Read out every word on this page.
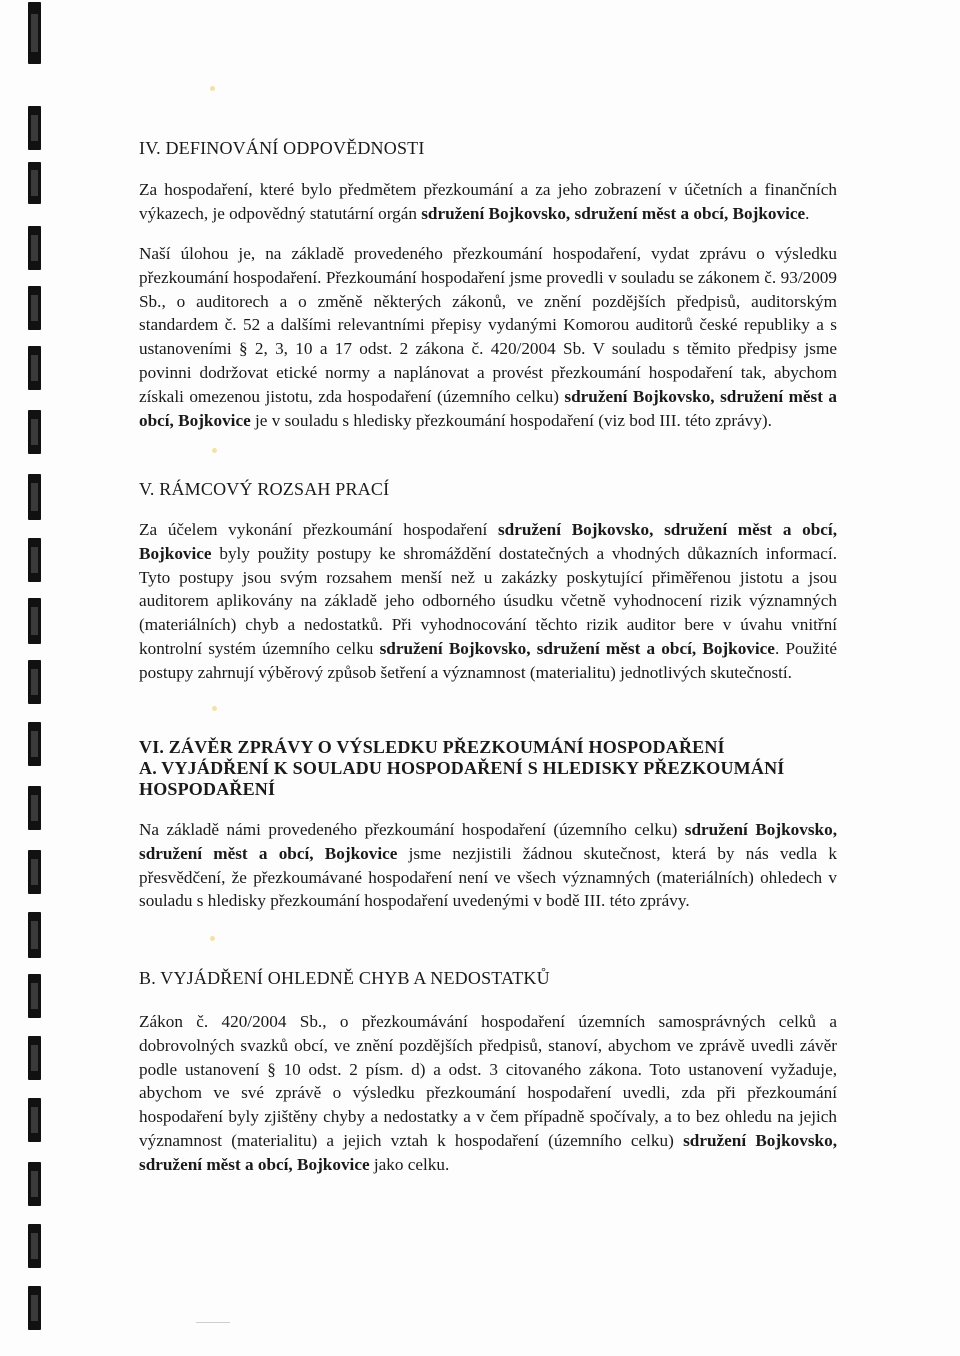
IV. DEFINOVÁNÍ ODPOVĚDNOSTI

Za hospodaření, které bylo předmětem přezkoumání a za jeho zobrazení v účetních a finančních výkazech, je odpovědný statutární orgán sdružení Bojkovsko, sdružení měst a obcí, Bojkovice.

Naší úlohou je, na základě provedeného přezkoumání hospodaření, vydat zprávu o výsledku přezkoumání hospodaření. Přezkoumání hospodaření jsme provedli v souladu se zákonem č. 93/2009 Sb., o auditorech a o změně některých zákonů, ve znění pozdějších předpisů, auditorským standardem č. 52 a dalšími relevantními přepisy vydanými Komorou auditorů české republiky a s ustanoveními § 2, 3, 10 a 17 odst. 2 zákona č. 420/2004 Sb. V souladu s těmito předpisy jsme povinni dodržovat etické normy a naplánovat a provést přezkoumání hospodaření tak, abychom získali omezenou jistotu, zda hospodaření (územního celku) sdružení Bojkovsko, sdružení měst a obcí, Bojkovice je v souladu s hledisky přezkoumání hospodaření (viz bod III. této zprávy).

V. RÁMCOVÝ ROZSAH PRACÍ

Za účelem vykonání přezkoumání hospodaření sdružení Bojkovsko, sdružení měst a obcí, Bojkovice byly použity postupy ke shromáždění dostatečných a vhodných důkazních informací. Tyto postupy jsou svým rozsahem menší než u zakázky poskytující přiměřenou jistotu a jsou auditorem aplikovány na základě jeho odborného úsudku včetně vyhodnocení rizik významných (materiálních) chyb a nedostatků. Při vyhodnocování těchto rizik auditor bere v úvahu vnitřní kontrolní systém územního celku sdružení Bojkovsko, sdružení měst a obcí, Bojkovice. Použité postupy zahrnují výběrový způsob šetření a významnost (materialitu) jednotlivých skutečností.

VI. ZÁVĚR ZPRÁVY O VÝSLEDKU PŘEZKOUMÁNÍ HOSPODAŘENÍ
A. VYJÁDŘENÍ K SOULADU HOSPODAŘENÍ S HLEDISKY PŘEZKOUMÁNÍ
HOSPODAŘENÍ

Na základě námi provedeného přezkoumání hospodaření (územního celku) sdružení Bojkovsko, sdružení měst a obcí, Bojkovice jsme nezjistili žádnou skutečnost, která by nás vedla k přesvědčení, že přezkoumávané hospodaření není ve všech významných (materiálních) ohledech v souladu s hledisky přezkoumání hospodaření uvedenými v bodě III. této zprávy.

B. VYJÁDŘENÍ OHLEDNĚ CHYB A NEDOSTATKŮ

Zákon č. 420/2004 Sb., o přezkoumávání hospodaření územních samosprávných celků a dobrovolných svazků obcí, ve znění pozdějších předpisů, stanoví, abychom ve zprávě uvedli závěr podle ustanovení § 10 odst. 2 písm. d) a odst. 3 citovaného zákona. Toto ustanovení vyžaduje, abychom ve své zprávě o výsledku přezkoumání hospodaření uvedli, zda při přezkoumání hospodaření byly zjištěny chyby a nedostatky a v čem případně spočívaly, a to bez ohledu na jejich významnost (materialitu) a jejich vztah k hospodaření (územního celku) sdružení Bojkovsko, sdružení měst a obcí, Bojkovice jako celku.
